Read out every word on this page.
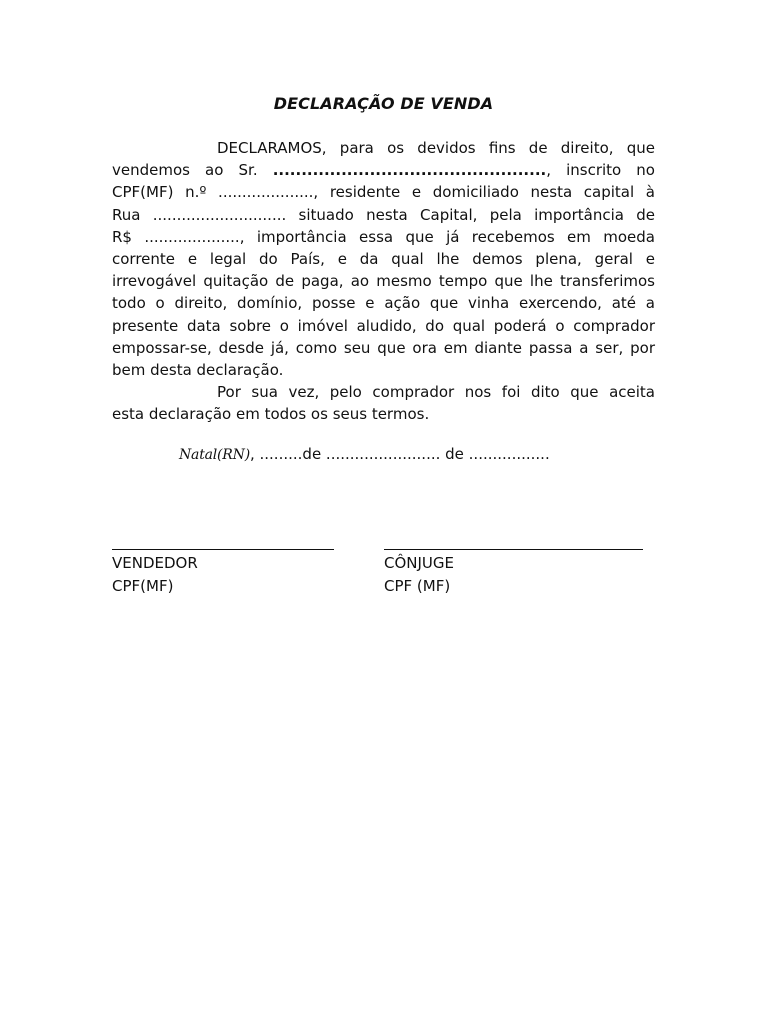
DECLARAÇÃO DE VENDA
DECLARAMOS, para os devidos fins de direito, que
vendemos ao Sr. ................................................, inscrito no
CPF(MF) n.º ...................., residente e domiciliado nesta capital à
Rua ............................ situado nesta Capital, pela importância de
R$ ...................., importância essa que já recebemos em moeda
corrente e legal do País, e da qual lhe demos plena, geral e
irrevogável quitação de paga, ao mesmo tempo que lhe transferimos
todo o direito, domínio, posse e ação que vinha exercendo, até a
presente data sobre o imóvel aludido, do qual poderá o comprador
empossar-se, desde já, como seu que ora em diante passa a ser, por
bem desta declaração.
Por sua vez, pelo comprador nos foi dito que aceita
esta declaração em todos os seus termos.
Natal(RN), .........de ........................ de .................
VENDEDOR
CPF(MF)
CÔNJUGE
CPF (MF)
